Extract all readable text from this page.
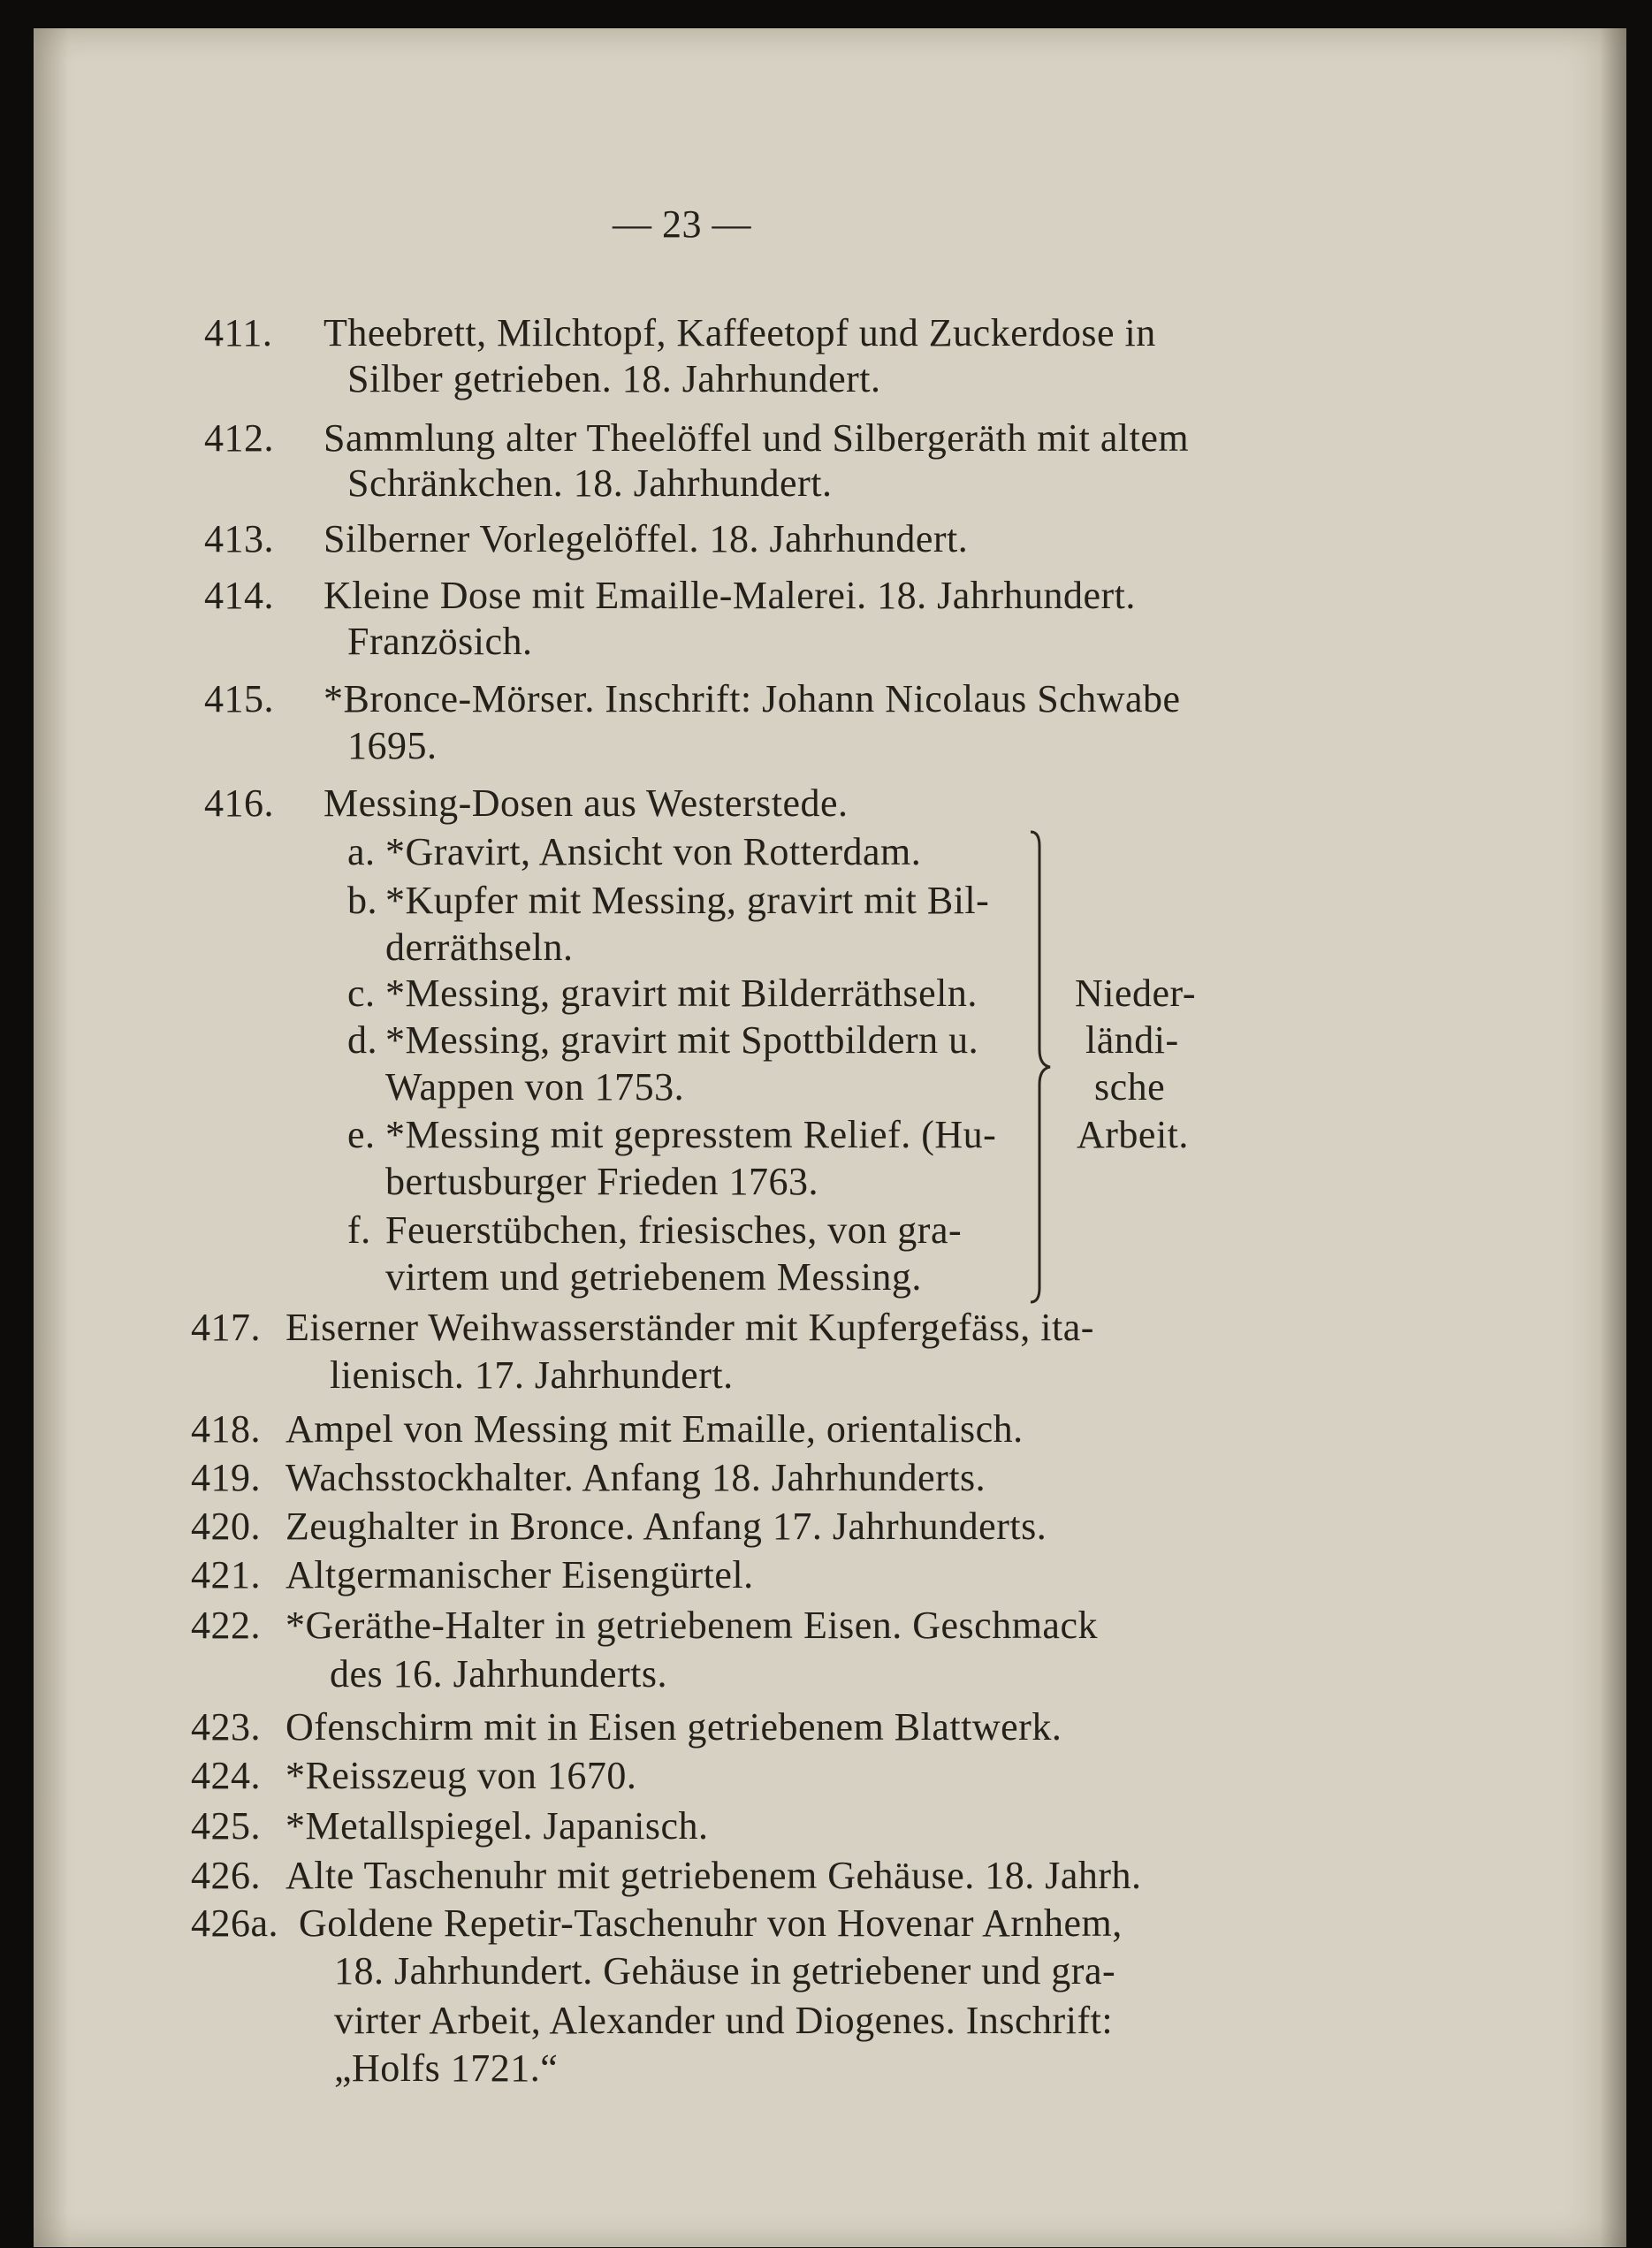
— 23 —
411. Theebrett, Milchtopf, Kaffeetopf und Zuckerdose in
Silber getrieben. 18. Jahrhundert.
412. Sammlung alter Theelöffel und Silbergeräth mit altem
Schränkchen. 18. Jahrhundert.
413. Silberner Vorlegelöffel. 18. Jahrhundert.
414. Kleine Dose mit Emaille-Malerei. 18. Jahrhundert.
Französich.
415. *Bronce-Mörser. Inschrift: Johann Nicolaus Schwabe
1695.
416. Messing-Dosen aus Westerstede.
a. *Gravirt, Ansicht von Rotterdam.
b. *Kupfer mit Messing, gravirt mit Bil-
derräthseln.
c. *Messing, gravirt mit Bilderräthseln.
d. *Messing, gravirt mit Spottbildern u.
Wappen von 1753.
e. *Messing mit gepresstem Relief. (Hu-
bertusburger Frieden 1763.
f. Feuerstübchen, friesisches, von gra-
virtem und getriebenem Messing.
Nieder-
ländi-
sche
Arbeit.
417. Eiserner Weihwasserständer mit Kupfergefäss, ita-
lienisch. 17. Jahrhundert.
418. Ampel von Messing mit Emaille, orientalisch.
419. Wachsstockhalter. Anfang 18. Jahrhunderts.
420. Zeughalter in Bronce. Anfang 17. Jahrhunderts.
421. Altgermanischer Eisengürtel.
422. *Geräthe-Halter in getriebenem Eisen. Geschmack
des 16. Jahrhunderts.
423. Ofenschirm mit in Eisen getriebenem Blattwerk.
424. *Reisszeug von 1670.
425. *Metallspiegel. Japanisch.
426. Alte Taschenuhr mit getriebenem Gehäuse. 18. Jahrh.
426a. Goldene Repetir-Taschenuhr von Hovenar Arnhem,
18. Jahrhundert. Gehäuse in getriebener und gra-
virter Arbeit, Alexander und Diogenes. Inschrift:
„Holfs 1721.“
